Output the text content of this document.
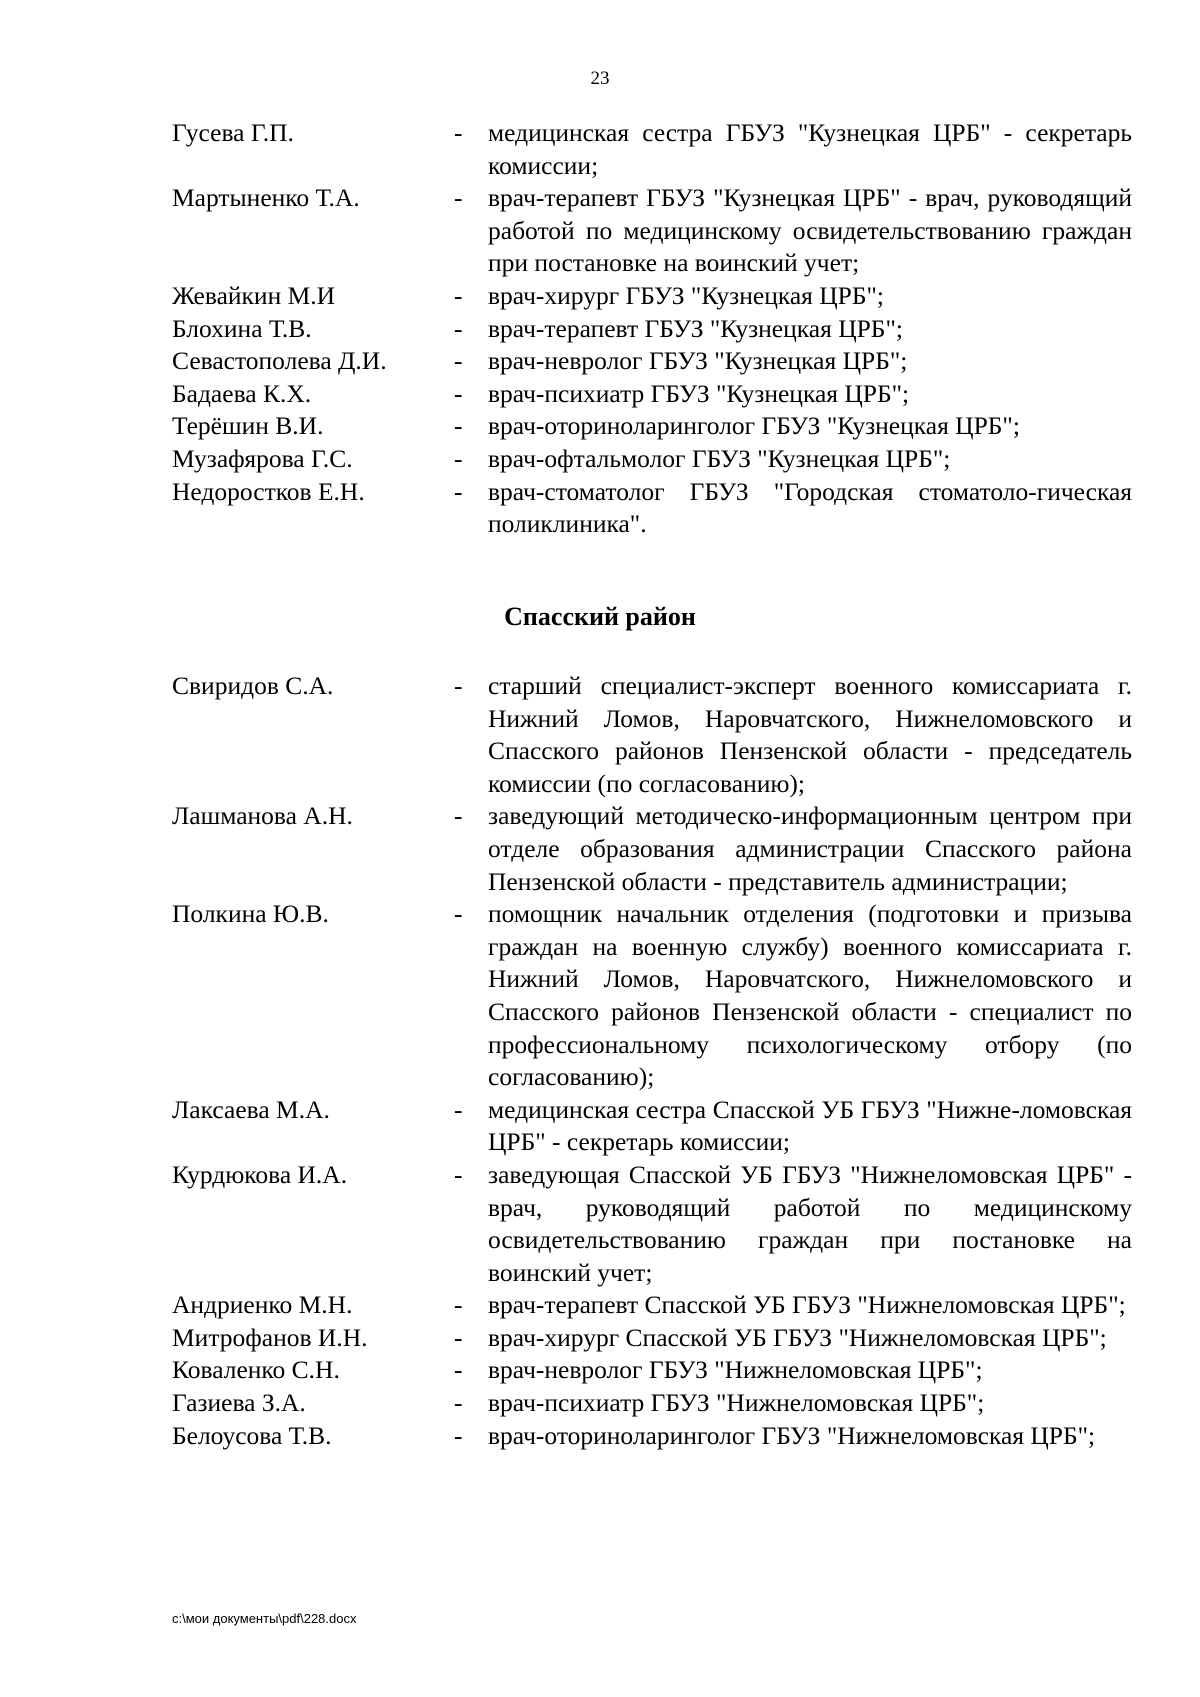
23
Гусева Г.П.	-	медицинская сестра ГБУЗ "Кузнецкая ЦРБ" - секретарь комиссии;
Мартыненко Т.А.	-	врач-терапевт ГБУЗ "Кузнецкая ЦРБ" - врач, руководящий работой по медицинскому освидетельствованию граждан при постановке на воинский учет;
Жевайкин М.И	-	врач-хирург ГБУЗ "Кузнецкая ЦРБ";
Блохина Т.В.	-	врач-терапевт ГБУЗ "Кузнецкая ЦРБ";
Севастополева Д.И.	-	врач-невролог ГБУЗ "Кузнецкая ЦРБ";
Бадаева К.Х.	-	врач-психиатр ГБУЗ "Кузнецкая ЦРБ";
Терёшин В.И.	-	врач-оториноларинголог ГБУЗ "Кузнецкая ЦРБ";
Музафярова Г.С.	-	врач-офтальмолог ГБУЗ "Кузнецкая ЦРБ";
Недоростков Е.Н.	-	врач-стоматолог ГБУЗ "Городская стоматоло-гическая поликлиника".
Спасский район
Свиридов С.А.	-	старший специалист-эксперт военного комиссариата г. Нижний Ломов, Наровчатского, Нижнеломовского и Спасского районов Пензенской области - председатель комиссии (по согласованию);
Лашманова А.Н.	-	заведующий методическо-информационным центром при отделе образования администрации Спасского района Пензенской области - представитель администрации;
Полкина Ю.В.	-	помощник начальник отделения (подготовки и призыва граждан на военную службу) военного комиссариата г. Нижний Ломов, Наровчатского, Нижнеломовского и Спасского районов Пензенской области - специалист по профессиональному психологическому отбору (по согласованию);
Лаксаева М.А.	-	медицинская сестра Спасской УБ ГБУЗ "Нижне-ломовская ЦРБ" - секретарь комиссии;
Курдюкова И.А.	-	заведующая Спасской УБ ГБУЗ "Нижнеломовская ЦРБ" - врач, руководящий работой по медицинскому освидетельствованию граждан при постановке на воинский учет;
Андриенко М.Н.	-	врач-терапевт Спасской УБ ГБУЗ "Нижнеломовская ЦРБ";
Митрофанов И.Н.	-	врач-хирург Спасской УБ ГБУЗ "Нижнеломовская ЦРБ";
Коваленко С.Н.	-	врач-невролог ГБУЗ "Нижнеломовская ЦРБ";
Газиева З.А.	-	врач-психиатр ГБУЗ "Нижнеломовская ЦРБ";
Белоусова Т.В.	-	врач-оториноларинголог ГБУЗ "Нижнеломовская ЦРБ";
c:\мои документы\pdf\228.docx
